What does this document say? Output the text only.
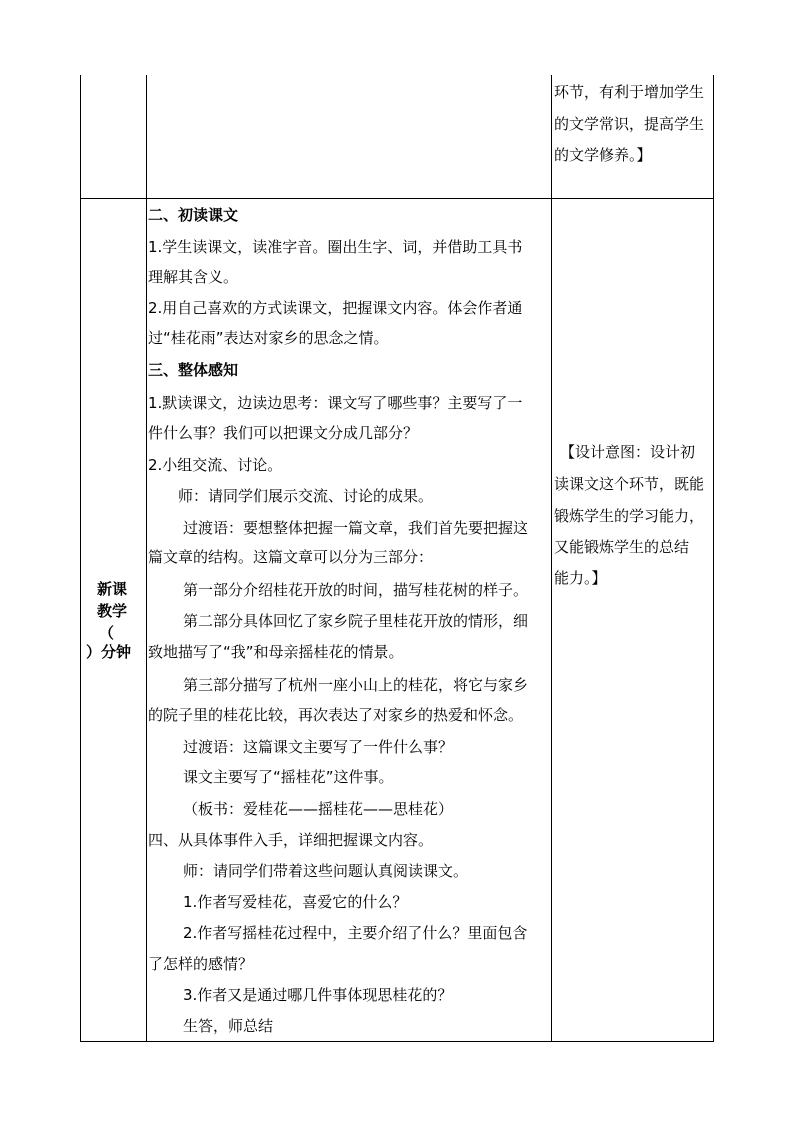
环节，有利于增加学生
的文学常识，提高学生
的文学修养。】
新课
教学
（
）分钟
二、初读课文
1.学生读课文，读准字音。圈出生字、词，并借助工具书
理解其含义。
2.用自己喜欢的方式读课文，把握课文内容。体会作者通
过“桂花雨”表达对家乡的思念之情。
三、整体感知
1.默读课文，边读边思考：课文写了哪些事？主要写了一
件什么事？我们可以把课文分成几部分？
2.小组交流、讨论。
师：请同学们展示交流、讨论的成果。
过渡语：要想整体把握一篇文章，我们首先要把握这
篇文章的结构。这篇文章可以分为三部分：
第一部分介绍桂花开放的时间，描写桂花树的样子。
第二部分具体回忆了家乡院子里桂花开放的情形，细
致地描写了“我”和母亲摇桂花的情景。
第三部分描写了杭州一座小山上的桂花，将它与家乡
的院子里的桂花比较，再次表达了对家乡的热爱和怀念。
过渡语：这篇课文主要写了一件什么事？
课文主要写了“摇桂花”这件事。
（板书：爱桂花——摇桂花——思桂花）
四、从具体事件入手，详细把握课文内容。
师：请同学们带着这些问题认真阅读课文。
1.作者写爱桂花，喜爱它的什么？
2.作者写摇桂花过程中，主要介绍了什么？里面包含
了怎样的感情？
3.作者又是通过哪几件事体现思桂花的？
生答，师总结
【设计意图：设计初
读课文这个环节，既能
锻炼学生的学习能力，
又能锻炼学生的总结
能力。】
